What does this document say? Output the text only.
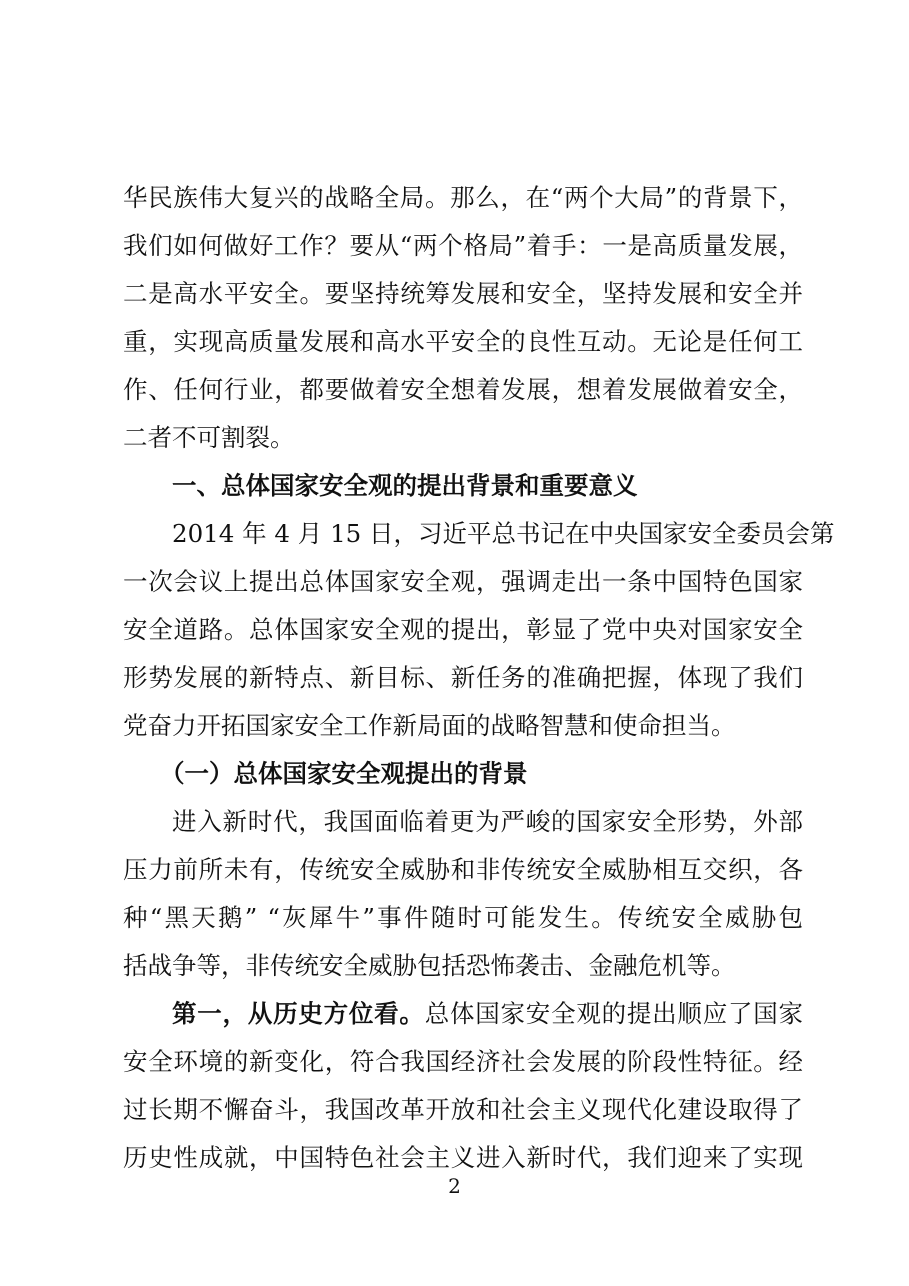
华民族伟大复兴的战略全局。那么，在“两个大局”的背景下，
我们如何做好工作？要从“两个格局”着手：一是高质量发展，
二是高水平安全。要坚持统筹发展和安全，坚持发展和安全并
重，实现高质量发展和高水平安全的良性互动。无论是任何工
作、任何行业，都要做着安全想着发展，想着发展做着安全，
二者不可割裂。
一、总体国家安全观的提出背景和重要意义
2014 年 4 月 15 日，习近平总书记在中央国家安全委员会第
一次会议上提出总体国家安全观，强调走出一条中国特色国家
安全道路。总体国家安全观的提出，彰显了党中央对国家安全
形势发展的新特点、新目标、新任务的准确把握，体现了我们
党奋力开拓国家安全工作新局面的战略智慧和使命担当。
（一）总体国家安全观提出的背景
进入新时代，我国面临着更为严峻的国家安全形势，外部
压力前所未有，传统安全威胁和非传统安全威胁相互交织，各
种“黑天鹅” “灰犀牛”事件随时可能发生。传统安全威胁包
括战争等，非传统安全威胁包括恐怖袭击、金融危机等。
第一，从历史方位看。总体国家安全观的提出顺应了国家
安全环境的新变化，符合我国经济社会发展的阶段性特征。经
过长期不懈奋斗，我国改革开放和社会主义现代化建设取得了
历史性成就，中国特色社会主义进入新时代，我们迎来了实现
2
